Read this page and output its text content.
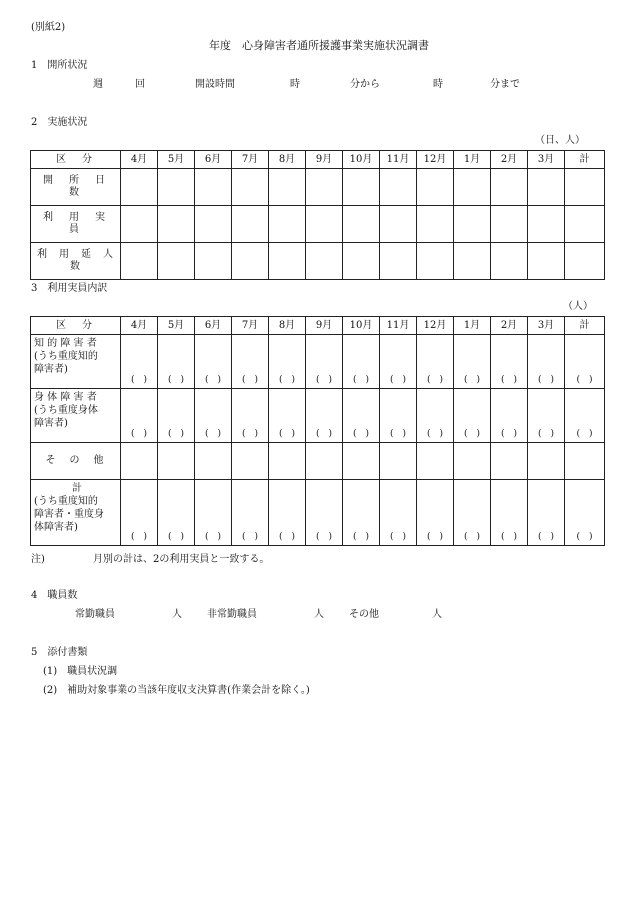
(別紙2)
年度　心身障害者通所援護事業実施状況調書
1　開所状況
週	回	開設時間	時	分から	時	分まで
2　実施状況
（日、人）
区　分	4月	5月	6月	7月	8月	9月	10月	11月	12月	1月	2月	3月	計
開　所　日　数													
利　用　実　員													
利　用　延　人　数													
3　利用実員内訳
（人）
区　分	4月	5月	6月	7月	8月	9月	10月	11月	12月	1月	2月	3月	計

知 的 障 害 者
(うち重度知的
障害者)	(　)	(　)	(　)	(　)	(　)	(　)	(　)	(　)	(　)	(　)	(　)	(　)	(　)

身 体 障 害 者
(うち重度身体
障害者)	(　)	(　)	(　)	(　)	(　)	(　)	(　)	(　)	(　)	(　)	(　)	(　)	(　)
そ　の　他													

計
(うち重度知的
障害者・重度身
体障害者)	(　)	(　)	(　)	(　)	(　)	(　)	(　)	(　)	(　)	(　)	(　)	(　)	(　)
注)	月別の計は、2の利用実員と一致する。
4　職員数
常勤職員	人	非常勤職員	人	その他	人
5　添付書類
(1)　職員状況調
(2)　補助対象事業の当該年度収支決算書(作業会計を除く。)
